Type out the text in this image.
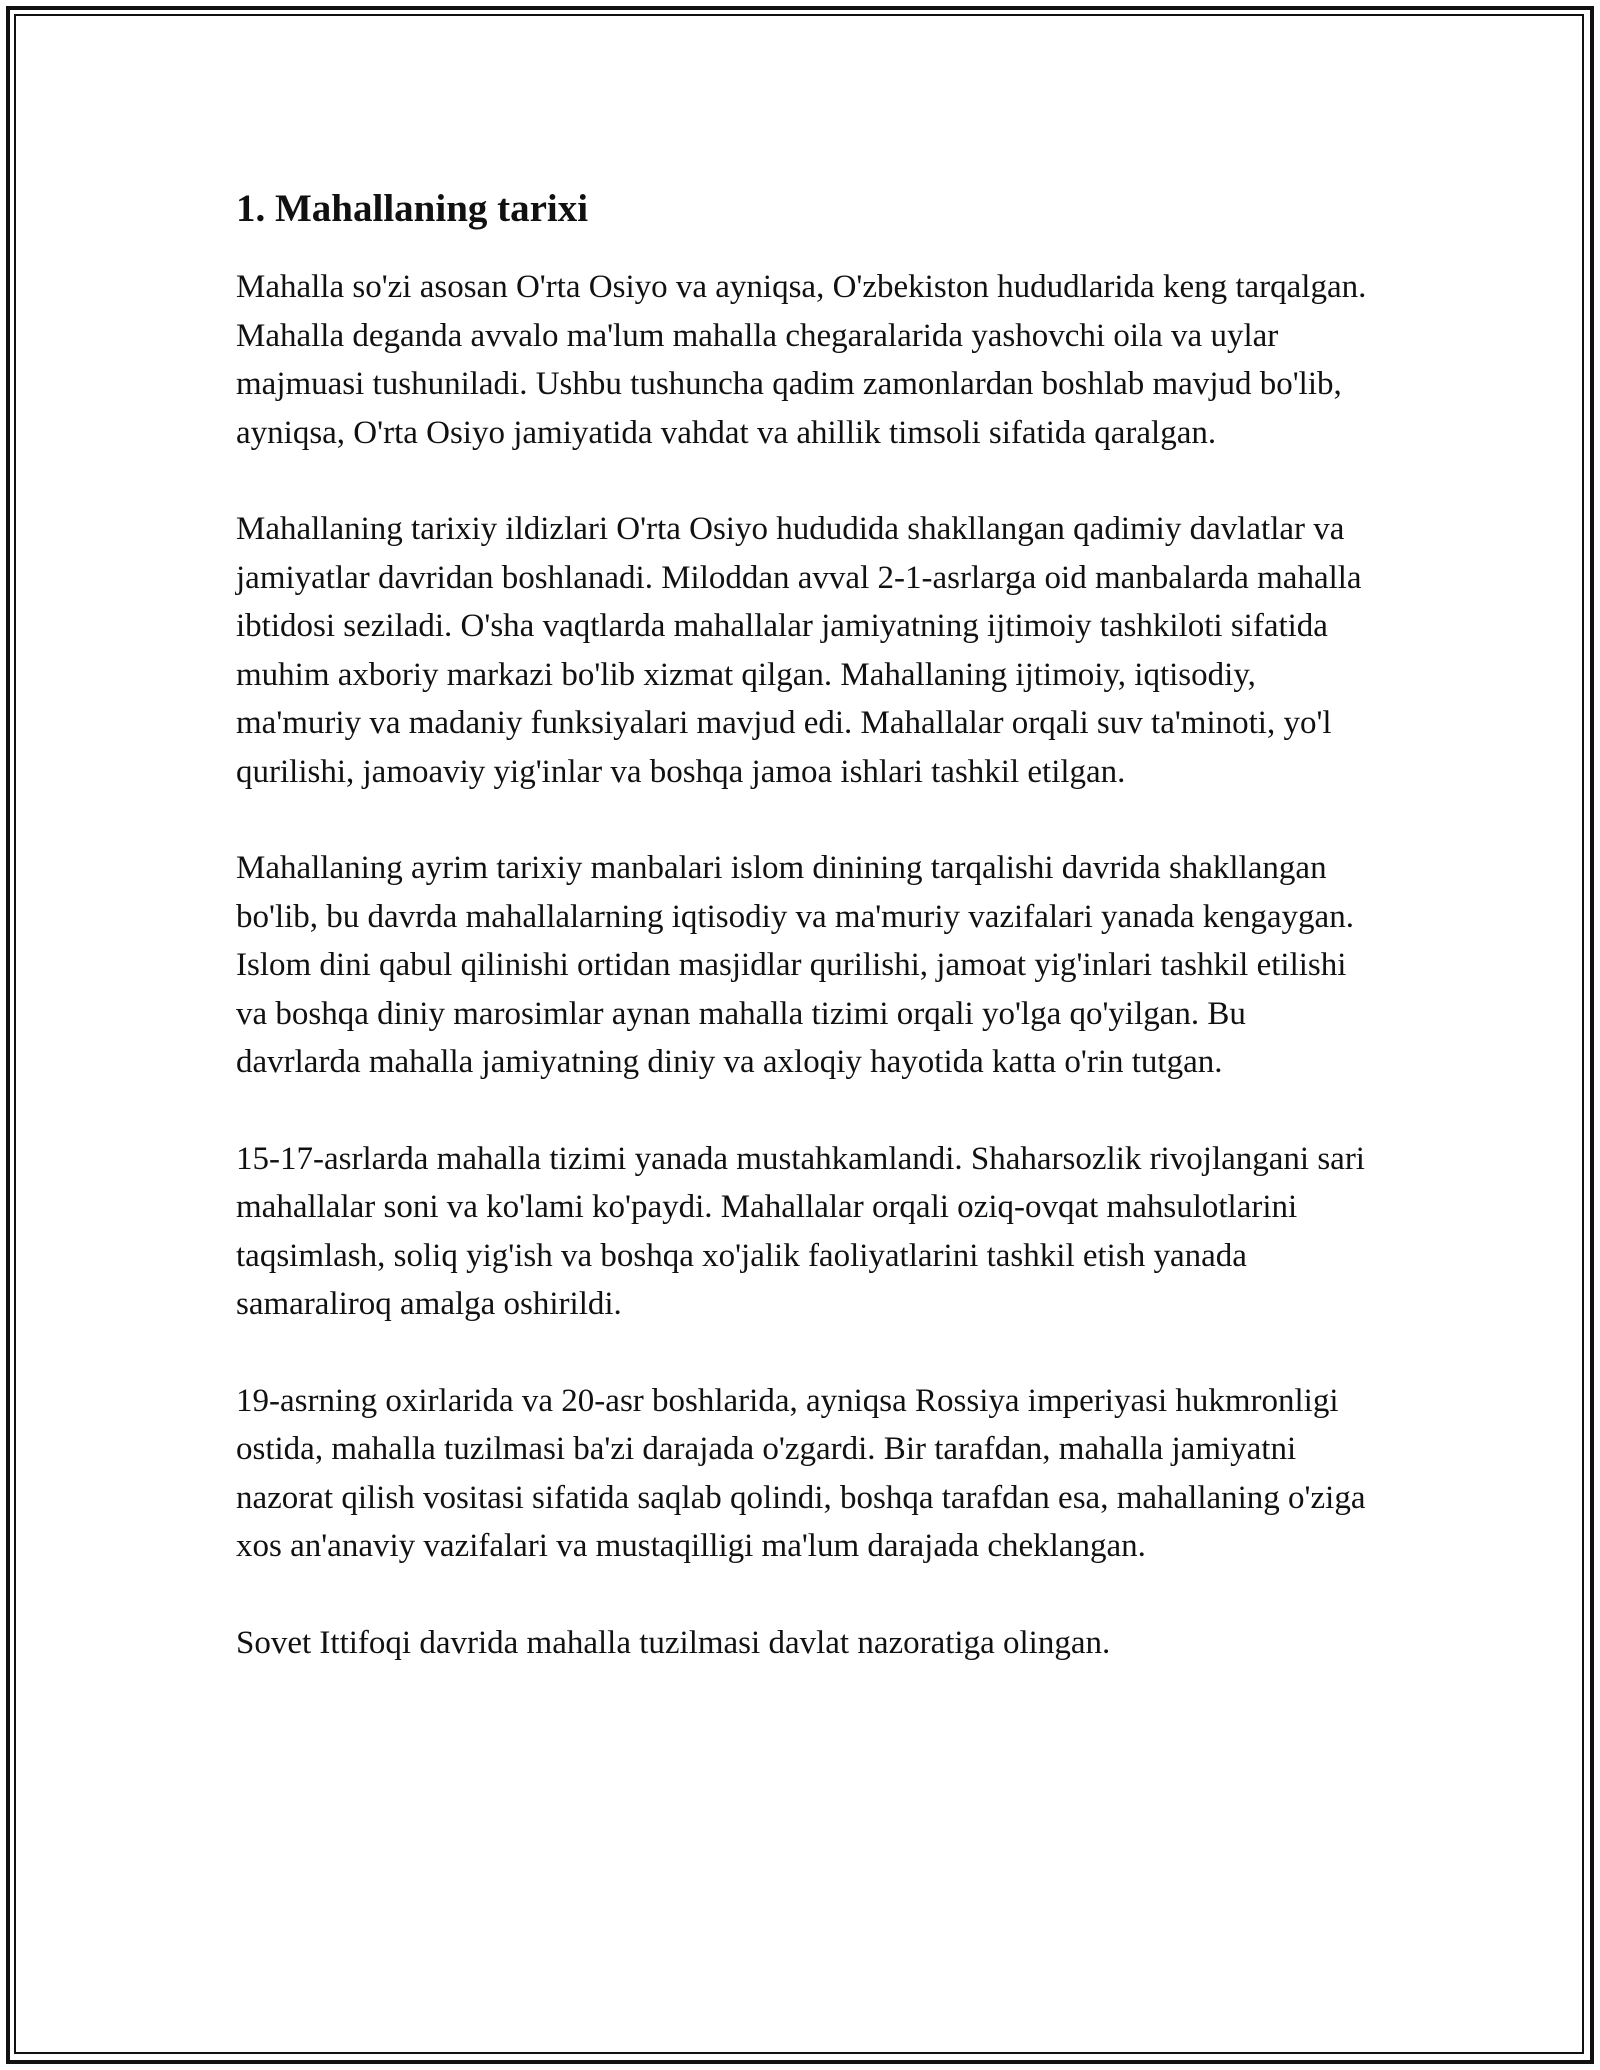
1. Mahallaning tarixi

Mahalla so'zi asosan O'rta Osiyo va ayniqsa, O'zbekiston hududlarida keng tarqalgan. Mahalla deganda avvalo ma'lum mahalla chegaralarida yashovchi oila va uylar majmuasi tushuniladi. Ushbu tushuncha qadim zamonlardan boshlab mavjud bo'lib, ayniqsa, O'rta Osiyo jamiyatida vahdat va ahillik timsoli sifatida qaralgan.

Mahallaning tarixiy ildizlari O'rta Osiyo hududida shakllangan qadimiy davlatlar va jamiyatlar davridan boshlanadi. Miloddan avval 2-1-asrlarga oid manbalarda mahalla ibtidosi seziladi. O'sha vaqtlarda mahallalar jamiyatning ijtimoiy tashkiloti sifatida muhim axboriy markazi bo'lib xizmat qilgan. Mahallaning ijtimoiy, iqtisodiy, ma'muriy va madaniy funksiyalari mavjud edi. Mahallalar orqali suv ta'minoti, yo'l qurilishi, jamoaviy yig'inlar va boshqa jamoa ishlari tashkil etilgan.

Mahallaning ayrim tarixiy manbalari islom dinining tarqalishi davrida shakllangan bo'lib, bu davrda mahallalarning iqtisodiy va ma'muriy vazifalari yanada kengaygan. Islom dini qabul qilinishi ortidan masjidlar qurilishi, jamoat yig'inlari tashkil etilishi va boshqa diniy marosimlar aynan mahalla tizimi orqali yo'lga qo'yilgan. Bu davrlarda mahalla jamiyatning diniy va axloqiy hayotida katta o'rin tutgan.

15-17-asrlarda mahalla tizimi yanada mustahkamlandi. Shaharsozlik rivojlangani sari mahallalar soni va ko'lami ko'paydi. Mahallalar orqali oziq-ovqat mahsulotlarini taqsimlash, soliq yig'ish va boshqa xo'jalik faoliyatlarini tashkil etish yanada samaraliroq amalga oshirildi.

19-asrning oxirlarida va 20-asr boshlarida, ayniqsa Rossiya imperiyasi hukmronligi ostida, mahalla tuzilmasi ba'zi darajada o'zgardi. Bir tarafdan, mahalla jamiyatni nazorat qilish vositasi sifatida saqlab qolindi, boshqa tarafdan esa, mahallaning o'ziga xos an'anaviy vazifalari va mustaqilligi ma'lum darajada cheklangan.

Sovet Ittifoqi davrida mahalla tuzilmasi davlat nazoratiga olingan.
